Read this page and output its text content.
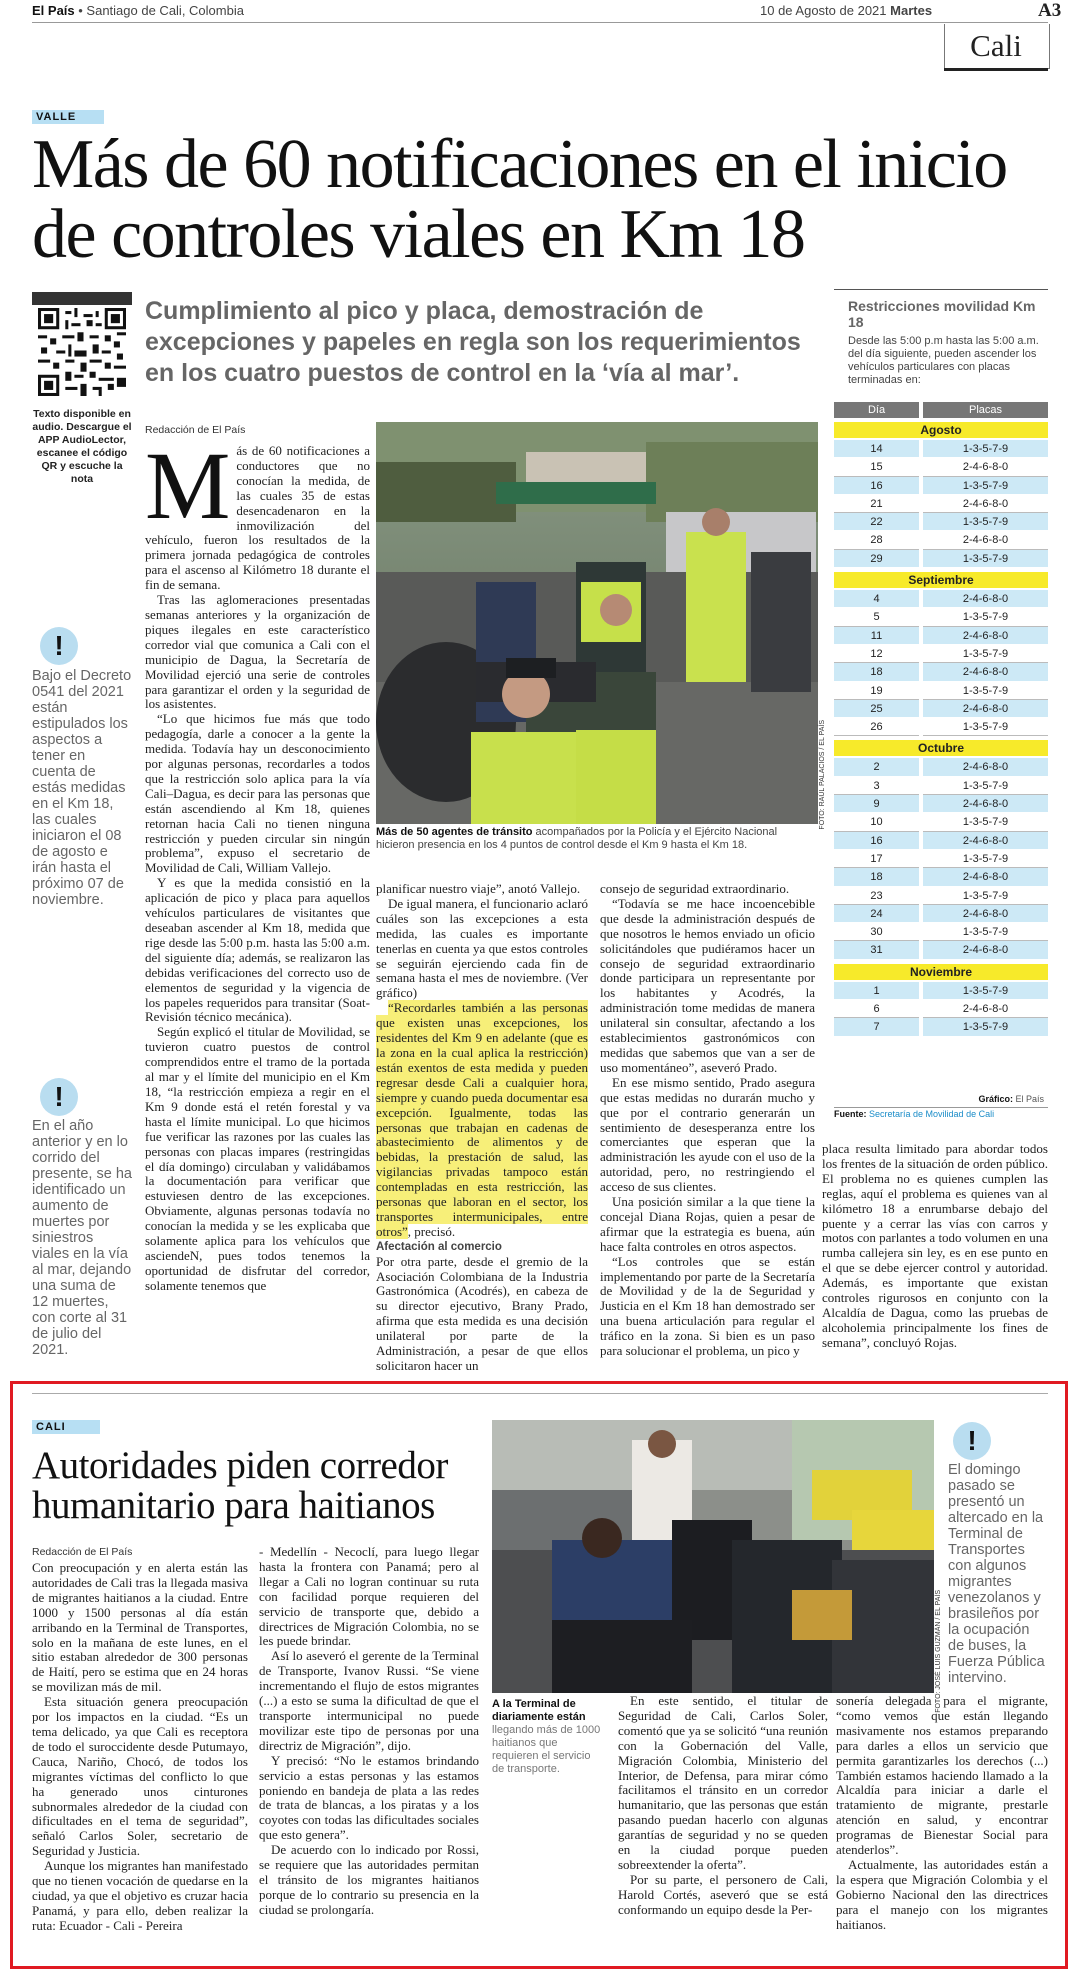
El País • Santiago de Cali, Colombia	10 de Agosto de 2021 Martes	A3
Cali
VALLE
Más de 60 notificaciones en el inicio de controles viales en Km 18
Cumplimiento al pico y placa, demostración de excepciones y papeles en regla son los requerimientos en los cuatro puestos de control en la ‘vía al mar’.
Texto disponible en audio. Descargue el APP AudioLector, escanee el código QR y escuche la nota
!
Bajo el Decreto 0541 del 2021 están estipulados los aspectos a tener en cuenta de estás medidas en el Km 18, las cuales iniciaron el 08 de agosto e irán hasta el próximo 07 de noviembre.
!
En el año anterior y en lo corrido del presente, se ha identificado un aumento de muertes por siniestros viales en la vía al mar, dejando una suma de 12 muertes, con corte al 31 de julio del 2021.
Redacción de El País

Más de 60 notificaciones a conductores que no conocían la medida, de las cuales 35 de estas desencadenaron en la inmovilización del vehículo, fueron los resultados de la primera jornada pedagógica de controles para el ascenso al Kilómetro 18 durante el fin de semana.

Tras las aglomeraciones presentadas semanas anteriores y la organización de piques ilegales en este característico corredor vial que comunica a Cali con el municipio de Dagua, la Secretaría de Movilidad ejerció una serie de controles para garantizar el orden y la seguridad de los asistentes.

“Lo que hicimos fue más que todo pedagogía, darle a conocer a la gente la medida. Todavía hay un desconocimiento por algunas personas, recordarles a todos que la restricción solo aplica para la vía Cali–Dagua, es decir para las personas que están ascendiendo al Km 18, quienes retornan hacia Cali no tienen ninguna restricción y pueden circular sin ningún problema”, expuso el secretario de Movilidad de Cali, William Vallejo.

Y es que la medida consistió en la aplicación de pico y placa para aquellos vehículos particulares de visitantes que deseaban ascender al Km 18, medida que rige desde las 5:00 p.m. hasta las 5:00 a.m. del siguiente día; además, se realizaron las debidas verificaciones del correcto uso de elementos de seguridad y la vigencia de los papeles requeridos para transitar (Soat- Revisión técnico mecánica).

Según explicó el titular de Movilidad, se tuvieron cuatro puestos de control comprendidos entre el tramo de la portada al mar y el límite del municipio en el Km 18, “la restricción empieza a regir en el Km 9 donde está el retén forestal y va hasta el límite municipal. Lo que hicimos fue verificar las razones por las cuales las personas con placas impares (restringidas el día domingo) circulaban y validábamos la documentación para verificar que estuviesen dentro de las excepciones. Obviamente, algunas personas todavía no conocían la medida y se les explicaba que solamente aplica para los vehículos que asciendeN, pues todos tenemos la oportunidad de disfrutar del corredor, solamente tenemos que

FOTO: RAÚL PALACIOS / EL PAÍS
Más de 50 agentes de tránsito acompañados por la Policía y el Ejército Nacional hicieron presencia en los 4 puntos de control desde el Km 9 hasta el Km 18.

planificar nuestro viaje”, anotó Vallejo.

De igual manera, el funcionario aclaró cuáles son las excepciones a esta medida, las cuales es importante tenerlas en cuenta ya que estos controles se seguirán ejerciendo cada fin de semana hasta el mes de noviembre. (Ver gráfico)

“Recordarles también a las personas que existen unas excepciones, los residentes del Km 9 en adelante (que es la zona en la cual aplica la restricción) están exentos de esta medida y pueden regresar desde Cali a cualquier hora, siempre y cuando pueda documentar esa excepción. Igualmente, todas las personas que trabajan en cadenas de abastecimiento de alimentos y de bebidas, la prestación de salud, las vigilancias privadas tampoco están contempladas en esta restricción, las personas que laboran en el sector, los transportes intermunicipales, entre otros”, precisó.

Afectación al comercio

Por otra parte, desde el gremio de la Asociación Colombiana de la Industria Gastronómica (Acodrés), en cabeza de su director ejecutivo, Brany Prado, afirma que esta medida es una decisión unilateral por parte de la Administración, a pesar de que ellos solicitaron hacer un

consejo de seguridad extraordinario.

“Todavía se me hace incoencebible que desde la administración después de que nosotros le hemos enviado un oficio solicitándoles que pudiéramos hacer un consejo de seguridad extraordinario donde participara un representante por los habitantes y Acodrés, la administración tome medidas de manera unilateral sin consultar, afectando a los establecimientos gastronómicos con medidas que sabemos que van a ser de uso momentáneo”, aseveró Prado.

En ese mismo sentido, Prado asegura que estas medidas no durarán mucho y que por el contrario generarán un sentimiento de desesperanza entre los comerciantes que esperan que la administración les ayude con el uso de la autoridad, pero, no restringiendo el acceso de sus clientes.

Una posición similar a la que tiene la concejal Diana Rojas, quien a pesar de afirmar que la estrategia es buena, aún hace falta controles en otros aspectos.

“Los controles que se están implementando por parte de la Secretaría de Movilidad y de la de Seguridad y Justicia en el Km 18 han demostrado ser una buena articulación para regular el tráfico en la zona. Si bien es un paso para solucionar el problema, un pico y

placa resulta limitado para abordar todos los frentes de la situación de orden público. El problema no es quienes cumplen las reglas, aquí el problema es quienes van al kilómetro 18 a enrumbarse debajo del puente y a cerrar las vías con carros y motos con parlantes a todo volumen en una rumba callejera sin ley, es en ese punto en el que se debe ejercer control y autoridad. Además, es importante que existan controles rigurosos en conjunto con la Alcaldía de Dagua, como las pruebas de alcoholemia principalmente los fines de semana”, concluyó Rojas.

Restricciones movilidad Km 18
Desde las 5:00 p.m hasta las 5:00 a.m. del día siguiente, pueden ascender los vehículos particulares con placas terminadas en:
Día	Placas
Agosto
14	1-3-5-7-9
15	2-4-6-8-0
16	1-3-5-7-9
21	2-4-6-8-0
22	1-3-5-7-9
28	2-4-6-8-0
29	1-3-5-7-9
Septiembre
4	2-4-6-8-0
5	1-3-5-7-9
11	2-4-6-8-0
12	1-3-5-7-9
18	2-4-6-8-0
19	1-3-5-7-9
25	2-4-6-8-0
26	1-3-5-7-9
Octubre
2	2-4-6-8-0
3	1-3-5-7-9
9	2-4-6-8-0
10	1-3-5-7-9
16	2-4-6-8-0
17	1-3-5-7-9
18	2-4-6-8-0
23	1-3-5-7-9
24	2-4-6-8-0
30	1-3-5-7-9
31	2-4-6-8-0
Noviembre
1	1-3-5-7-9
6	2-4-6-8-0
7	1-3-5-7-9
Gráfico: El País
Fuente: Secretaría de Movilidad de Cali
CALI
Autoridades piden corredor humanitario para haitianos
Redacción de El País

Con preocupación y en alerta están las autoridades de Cali tras la llegada masiva de migrantes haitianos a la ciudad. Entre 1000 y 1500 personas al día están arribando en la Terminal de Transportes, solo en la mañana de este lunes, en el sitio estaban alrededor de 300 personas de Haití, pero se estima que en 24 horas se movilizan más de mil.

Esta situación genera preocupación por los impactos en la ciudad. “Es un tema delicado, ya que Cali es receptora de todo el suroccidente desde Putumayo, Cauca, Nariño, Chocó, de todos los migrantes víctimas del conflicto lo que ha generado unos cinturones subnormales alrededor de la ciudad con dificultades en el tema de seguridad”, señaló Carlos Soler, secretario de Seguridad y Justicia.

Aunque los migrantes han manifestado que no tienen vocación de quedarse en la ciudad, ya que el objetivo es cruzar hacia Panamá, y para ello, deben realizar la ruta: Ecuador - Cali - Pereira

- Medellín - Necoclí, para luego llegar hasta la frontera con Panamá; pero al llegar a Cali no logran continuar su ruta con facilidad porque requieren del servicio de transporte que, debido a directrices de Migración Colombia, no se les puede brindar.

Así lo aseveró el gerente de la Terminal de Transporte, Ivanov Russi. “Se viene incrementando el flujo de estos migrantes (...) a esto se suma la dificultad de que el transporte intermunicipal no puede movilizar este tipo de personas por una directriz de Migración”, dijo.

Y precisó: “No le estamos brindando servicio a estas personas y las estamos poniendo en bandeja de plata a las redes de trata de blancas, a los piratas y a los coyotes con todas las dificultades sociales que esto genera”.

De acuerdo con lo indicado por Rossi, se requiere que las autoridades permitan el tránsito de los migrantes haitianos porque de lo contrario su presencia en la ciudad se prolongaría.

FOTO: JOSÉ LUIS GUZMÁN / EL PAÍS
A la Terminal de diariamente están llegando más de 1000 haitianos que requieren el servicio de transporte.

En este sentido, el titular de Seguridad de Cali, Carlos Soler, comentó que ya se solicitó “una reunión con la Gobernación del Valle, Migración Colombia, Ministerio del Interior, de Defensa, para mirar cómo facilitamos el tránsito en un corredor humanitario, que las personas que están pasando puedan hacerlo con algunas garantías de seguridad y no se queden en la ciudad porque pueden sobreextender la oferta”.

Por su parte, el personero de Cali, Harold Cortés, aseveró que se está conformando un equipo desde la Per-

sonería delegada para el migrante, “como vemos que están llegando masivamente nos estamos preparando para darles a ellos un servicio que permita garantizarles los derechos (...) También estamos haciendo llamado a la Alcaldía para iniciar a darle el tratamiento de migrante, prestarle atención en salud, y encontrar programas de Bienestar Social para atenderlos”.

Actualmente, las autoridades están a la espera que Migración Colombia y el Gobierno Nacional den las directrices para el manejo con los migrantes haitianos.

!
El domingo pasado se presentó un altercado en la Terminal de Transportes con algunos migrantes venezolanos y brasileños por la ocupación de buses, la Fuerza Pública intervino.
